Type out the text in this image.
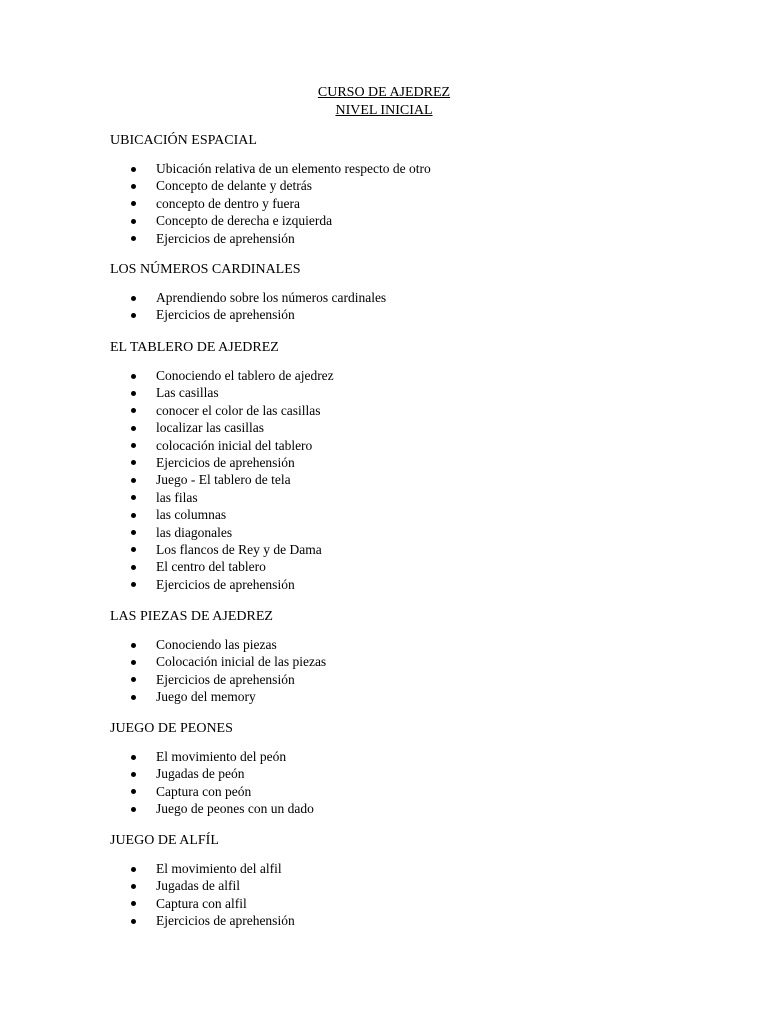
CURSO DE AJEDREZ
NIVEL INICIAL
UBICACIÓN ESPACIAL
Ubicación relativa de un elemento respecto de otro
Concepto de delante y detrás
concepto de dentro y fuera
Concepto de derecha e izquierda
Ejercicios de aprehensión
LOS NÚMEROS CARDINALES
Aprendiendo sobre los números cardinales
Ejercicios de aprehensión
EL TABLERO DE AJEDREZ
Conociendo el tablero de ajedrez
Las casillas
conocer el color de las casillas
localizar las casillas
colocación inicial del tablero
Ejercicios de aprehensión
Juego - El tablero de tela
las filas
las columnas
las diagonales
Los flancos de Rey y de Dama
El centro del tablero
Ejercicios de aprehensión
LAS PIEZAS DE AJEDREZ
Conociendo las piezas
Colocación inicial de las piezas
Ejercicios de aprehensión
Juego del memory
JUEGO DE PEONES
El movimiento del peón
Jugadas de peón
Captura con peón
Juego de peones con un dado
JUEGO DE ALFÍL
El movimiento del alfil
Jugadas de alfil
Captura con alfil
Ejercicios de aprehensión
